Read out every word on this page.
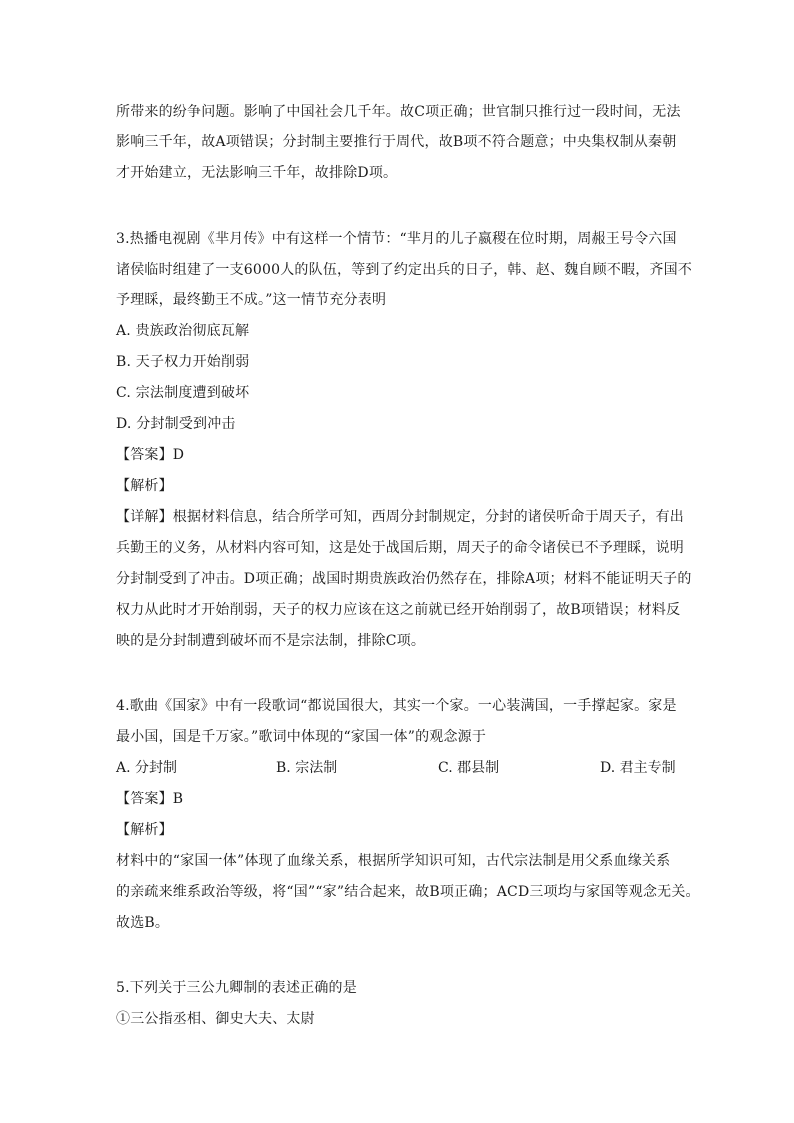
所带来的纷争问题。影响了中国社会几千年。故C项正确；世官制只推行过一段时间，无法
影响三千年，故A项错误；分封制主要推行于周代，故B项不符合题意；中央集权制从秦朝
才开始建立，无法影响三千年，故排除D项。
3.热播电视剧《芈月传》中有这样一个情节：“芈月的儿子嬴稷在位时期，周赧王号令六国
诸侯临时组建了一支6000人的队伍，等到了约定出兵的日子，韩、赵、魏自顾不暇，齐国不
予理睬，最终勤王不成。”这一情节充分表明
A. 贵族政治彻底瓦解
B. 天子权力开始削弱
C. 宗法制度遭到破坏
D. 分封制受到冲击
【答案】D
【解析】
【详解】根据材料信息，结合所学可知，西周分封制规定，分封的诸侯听命于周天子，有出
兵勤王的义务，从材料内容可知，这是处于战国后期，周天子的命令诸侯已不予理睬，说明
分封制受到了冲击。D项正确；战国时期贵族政治仍然存在，排除A项；材料不能证明天子的
权力从此时才开始削弱，天子的权力应该在这之前就已经开始削弱了，故B项错误；材料反
映的是分封制遭到破坏而不是宗法制，排除C项。
4.歌曲《国家》中有一段歌词“都说国很大，其实一个家。一心装满国，一手撑起家。家是
最小国，国是千万家。”歌词中体现的“家国一体”的观念源于
A. 分封制	B. 宗法制	C. 郡县制	D. 君主专制
【答案】B
【解析】
材料中的“家国一体”体现了血缘关系，根据所学知识可知，古代宗法制是用父系血缘关系
的亲疏来维系政治等级，将“国”“家”结合起来，故B项正确；ACD三项均与家国等观念无关。
故选B。
5.下列关于三公九卿制的表述正确的是
①三公指丞相、御史大夫、太尉
